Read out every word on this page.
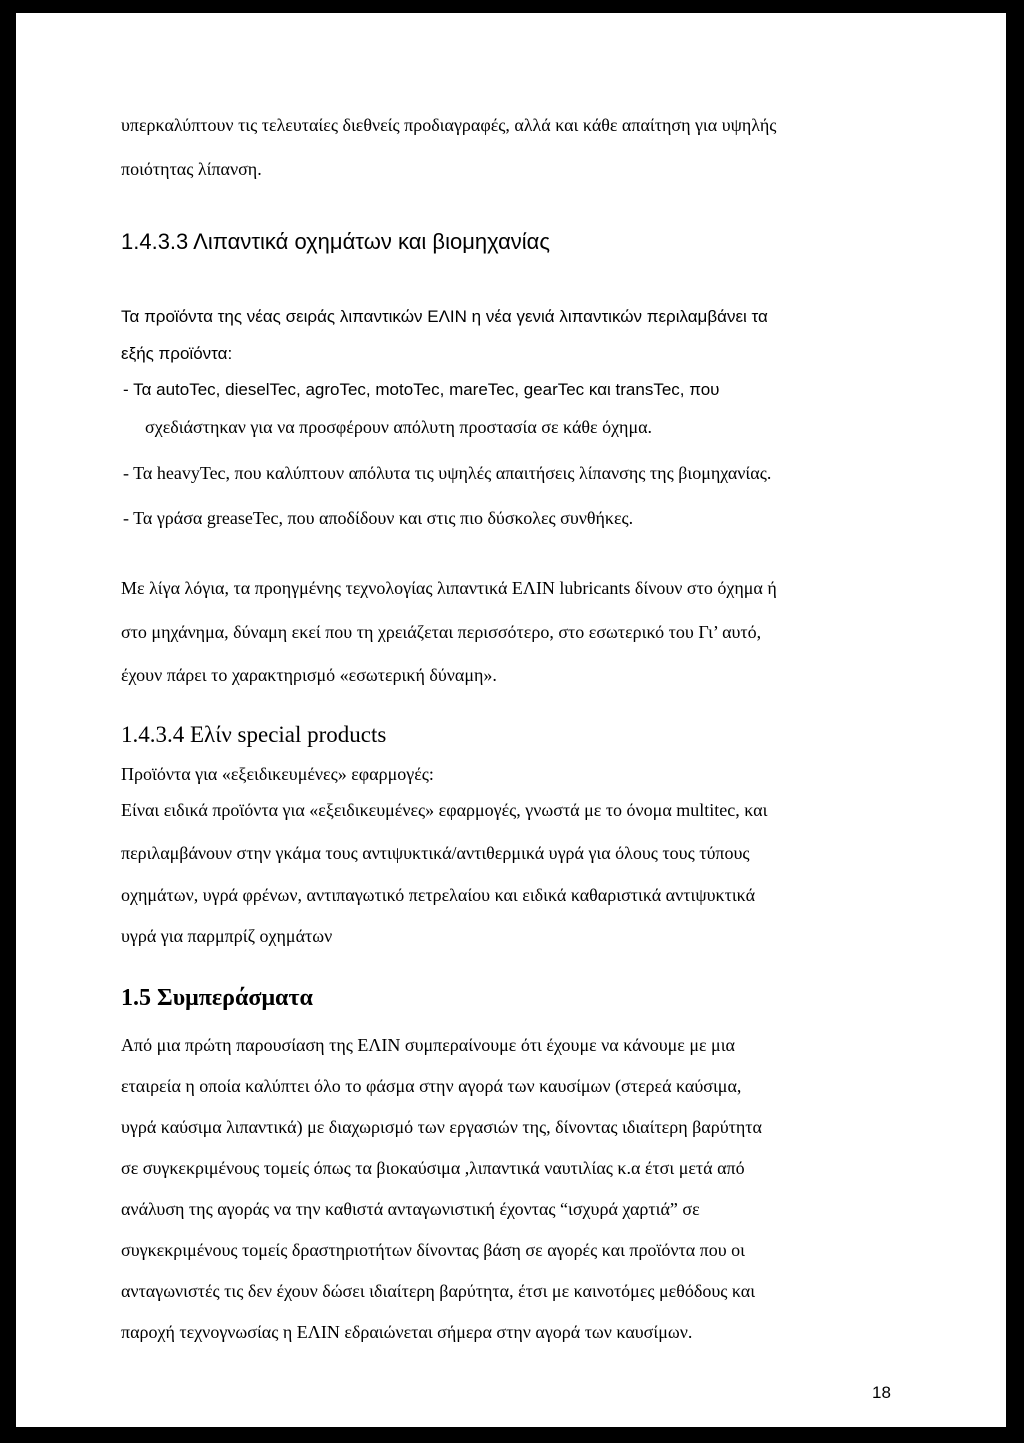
υπερκαλύπτουν τις τελευταίες διεθνείς προδιαγραφές, αλλά και κάθε απαίτηση για υψηλής

ποιότητας λίπανση.

1.4.3.3 Λιπαντικά οχημάτων και βιομηχανίας

Τα προϊόντα της νέας σειράς λιπαντικών ΕΛΙΝ η νέα γενιά λιπαντικών περιλαμβάνει τα

εξής προϊόντα:

- Τα autoTec, dieselTec, agroTec, motoTec, mareTec, gearTec και transTec, που

σχεδιάστηκαν για να προσφέρουν απόλυτη προστασία σε κάθε όχημα.

- Τα heavyTec, που καλύπτουν απόλυτα τις υψηλές απαιτήσεις λίπανσης της βιομηχανίας.

- Τα γράσα greaseTec, που αποδίδουν και στις πιο δύσκολες συνθήκες.

Με λίγα λόγια, τα προηγμένης τεχνολογίας λιπαντικά ΕΛΙΝ lubricants δίνουν στο όχημα ή

στο μηχάνημα, δύναμη εκεί που τη χρειάζεται περισσότερο, στο εσωτερικό του Γι’ αυτό,

έχουν πάρει το χαρακτηρισμό «εσωτερική δύναμη».

1.4.3.4 Ελίν special products

Προϊόντα για «εξειδικευμένες» εφαρμογές:

Είναι ειδικά προϊόντα για «εξειδικευμένες» εφαρμογές, γνωστά με το όνομα multitec, και

περιλαμβάνουν στην γκάμα τους αντιψυκτικά/αντιθερμικά υγρά για όλους τους τύπους

οχημάτων, υγρά φρένων, αντιπαγωτικό πετρελαίου και ειδικά καθαριστικά αντιψυκτικά

υγρά για παρμπρίζ οχημάτων

1.5 Συμπεράσματα

Από μια πρώτη παρουσίαση της ΕΛΙΝ συμπεραίνουμε ότι έχουμε να κάνουμε με μια

εταιρεία η οποία καλύπτει όλο το φάσμα στην αγορά των καυσίμων (στερεά καύσιμα,

υγρά καύσιμα λιπαντικά) με διαχωρισμό των εργασιών της, δίνοντας ιδιαίτερη βαρύτητα

σε συγκεκριμένους τομείς όπως τα βιοκαύσιμα ,λιπαντικά ναυτιλίας κ.α έτσι μετά από

ανάλυση της αγοράς να την καθιστά ανταγωνιστική έχοντας “ισχυρά χαρτιά” σε

συγκεκριμένους τομείς δραστηριοτήτων δίνοντας βάση σε αγορές και προϊόντα που οι

ανταγωνιστές τις δεν έχουν δώσει ιδιαίτερη βαρύτητα, έτσι με καινοτόμες μεθόδους και

παροχή τεχνογνωσίας η ΕΛΙΝ εδραιώνεται σήμερα στην αγορά των καυσίμων.

18
